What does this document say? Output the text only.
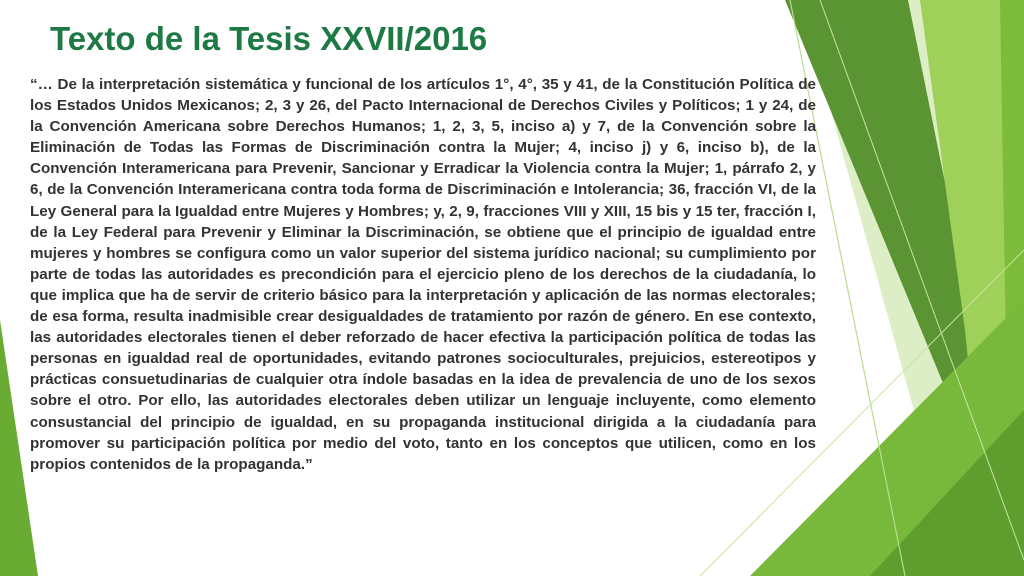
Texto de la Tesis XXVII/2016

“… De la interpretación sistemática y funcional de los artículos 1°, 4°, 35 y 41, de la Constitución Política de los Estados Unidos Mexicanos; 2, 3 y 26, del Pacto Internacional de Derechos Civiles y Políticos; 1 y 24, de la Convención Americana sobre Derechos Humanos; 1, 2, 3, 5, inciso a) y 7, de la Convención sobre la Eliminación de Todas las Formas de Discriminación contra la Mujer; 4, inciso j) y 6, inciso b), de la Convención Interamericana para Prevenir, Sancionar y Erradicar la Violencia contra la Mujer; 1, párrafo 2, y 6, de la Convención Interamericana contra toda forma de Discriminación e Intolerancia; 36, fracción VI, de la Ley General para la Igualdad entre Mujeres y Hombres; y, 2, 9, fracciones VIII y XIII, 15 bis y 15 ter, fracción I, de la Ley Federal para Prevenir y Eliminar la Discriminación, se obtiene que el principio de igualdad entre mujeres y hombres se configura como un valor superior del sistema jurídico nacional; su cumplimiento por parte de todas las autoridades es precondición para el ejercicio pleno de los derechos de la ciudadanía, lo que implica que ha de servir de criterio básico para la interpretación y aplicación de las normas electorales; de esa forma, resulta inadmisible crear desigualdades de tratamiento por razón de género. En ese contexto, las autoridades electorales tienen el deber reforzado de hacer efectiva la participación política de todas las personas en igualdad real de oportunidades, evitando patrones socioculturales, prejuicios, estereotipos y prácticas consuetudinarias de cualquier otra índole basadas en la idea de prevalencia de uno de los sexos sobre el otro. Por ello, las autoridades electorales deben utilizar un lenguaje incluyente, como elemento consustancial del principio de igualdad, en su propaganda institucional dirigida a la ciudadanía para promover su participación política por medio del voto, tanto en los conceptos que utilicen, como en los propios contenidos de la propaganda.”
